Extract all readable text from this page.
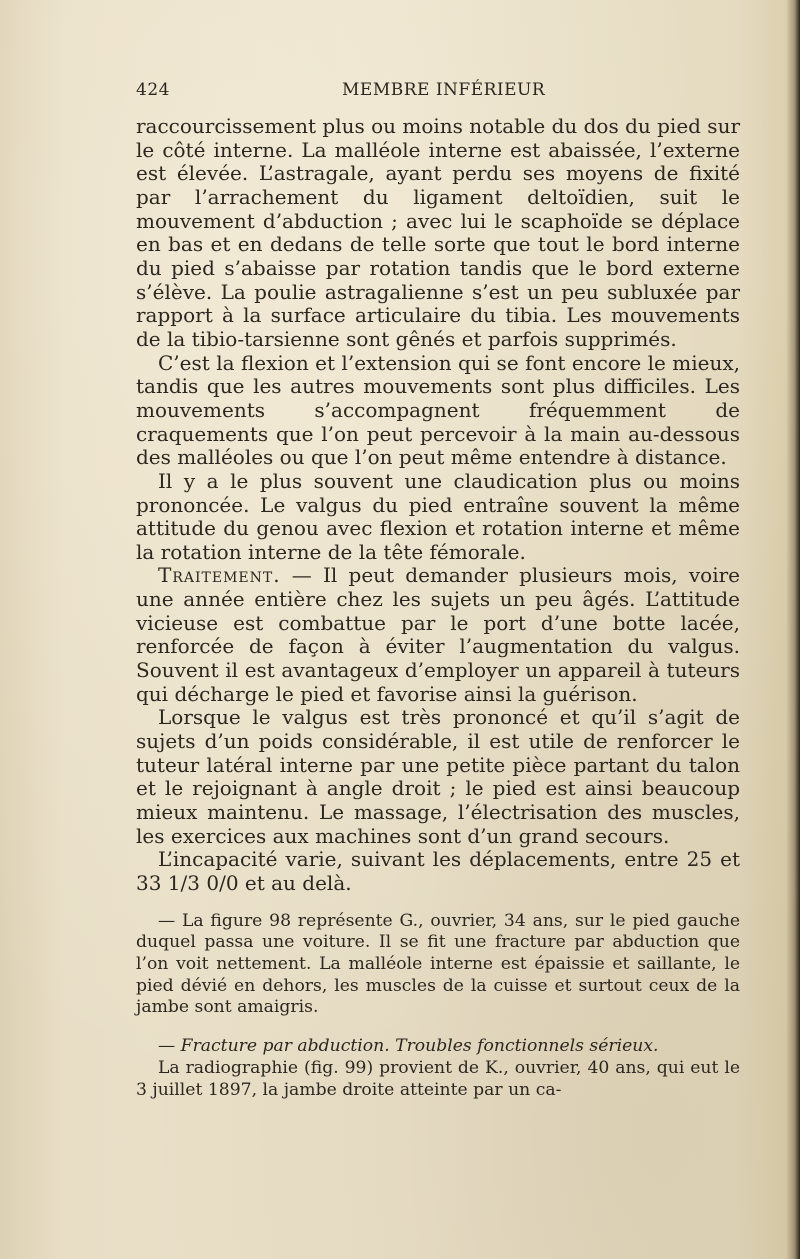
424	MEMBRE INFÉRIEUR

raccourcissement plus ou moins notable du dos du pied sur le côté interne. La malléole interne est abaissée, l’externe est élevée. L’astragale, ayant perdu ses moyens de fixité par l’arrachement du ligament deltoïdien, suit le mouvement d’abduction ; avec lui le scaphoïde se déplace en bas et en dedans de telle sorte que tout le bord interne du pied s’abaisse par rotation tandis que le bord externe s’élève. La poulie astragalienne s’est un peu subluxée par rapport à la surface articulaire du tibia. Les mouvements de la tibio-tarsienne sont gênés et parfois supprimés.

C’est la flexion et l’extension qui se font encore le mieux, tandis que les autres mouvements sont plus difficiles. Les mouvements s’accompagnent fréquemment de craquements que l’on peut percevoir à la main au-dessous des malléoles ou que l’on peut même entendre à distance.

Il y a le plus souvent une claudication plus ou moins prononcée. Le valgus du pied entraîne souvent la même attitude du genou avec flexion et rotation interne et même la rotation interne de la tête fémorale.

Traitement. — Il peut demander plusieurs mois, voire une année entière chez les sujets un peu âgés. L’attitude vicieuse est combattue par le port d’une botte lacée, renforcée de façon à éviter l’augmentation du valgus. Souvent il est avantageux d’employer un appareil à tuteurs qui décharge le pied et favorise ainsi la guérison.

Lorsque le valgus est très prononcé et qu’il s’agit de sujets d’un poids considérable, il est utile de renforcer le tuteur latéral interne par une petite pièce partant du talon et le rejoignant à angle droit ; le pied est ainsi beaucoup mieux maintenu. Le massage, l’électrisation des muscles, les exercices aux machines sont d’un grand secours.

L’incapacité varie, suivant les déplacements, entre 25 et 33 1/3 0/0 et au delà.

— La figure 98 représente G., ouvrier, 34 ans, sur le pied gauche duquel passa une voiture. Il se fit une fracture par abduction que l’on voit nettement. La malléole interne est épaissie et saillante, le pied dévié en dehors, les muscles de la cuisse et surtout ceux de la jambe sont amaigris.

— Fracture par abduction. Troubles fonctionnels sérieux.

La radiographie (fig. 99) provient de K., ouvrier, 40 ans, qui eut le 3 juillet 1897, la jambe droite atteinte par un ca-
